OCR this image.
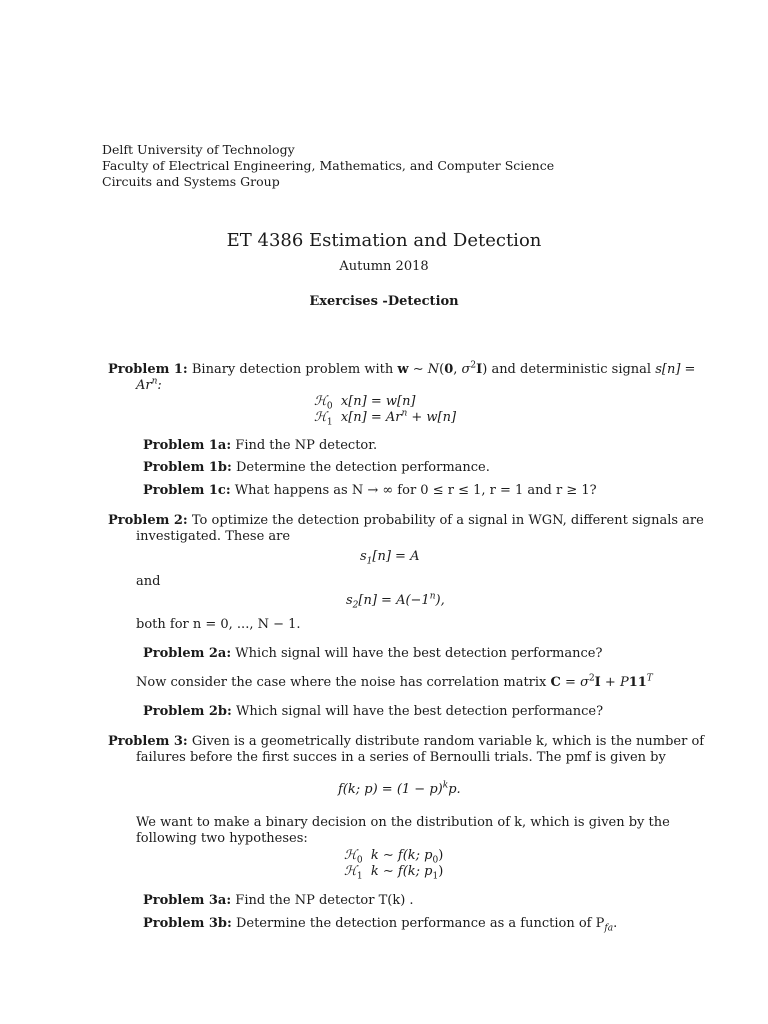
Delft University of Technology
Faculty of Electrical Engineering, Mathematics, and Computer Science
Circuits and Systems Group
ET 4386 Estimation and Detection
Autumn 2018
Exercises -Detection
Problem 1: Binary detection problem with w ∼ N(0, $\sigma^2I$) and deterministic signal s[n] =
$Ar^n$:
ℋ$_0$ x[n] = w[n]
ℋ$_1$ $x[n] = Ar^n + w[n]$
Problem 1a: Find the NP detector.
Problem 1b: Determine the detection performance.
Problem 1c: What happens as N → ∞ for 0 ≤ r ≤ 1, r = 1 and r ≥ 1?
Problem 2: To optimize the detection probability of a signal in WGN, different signals are
investigated. These are
$s_1[n] = A$
and
$s_2[n] = A(-1^n)$,
both for n = 0, ..., N − 1.
Problem 2a: Which signal will have the best detection performance?
Now consider the case where the noise has correlation matrix $C = \sigma^2I + P11^T$
Problem 2b: Which signal will have the best detection performance?
Problem 3: Given is a geometrically distribute random variable k, which is the number of
failures before the first succes in a series of Bernoulli trials. The pmf is given by
f(k; $p) = (1 - p)^kp$.
We want to make a binary decision on the distribution of k, which is given by the
following two hypotheses:
ℋ$_0$ k ∼ f(k; $p_0$)
ℋ$_1$ k ∼ f(k; $p_1$)
Problem 3a: Find the NP detector T(k) .
Problem 3b: Determine the detection performance as a function of $P_{fa}$.
